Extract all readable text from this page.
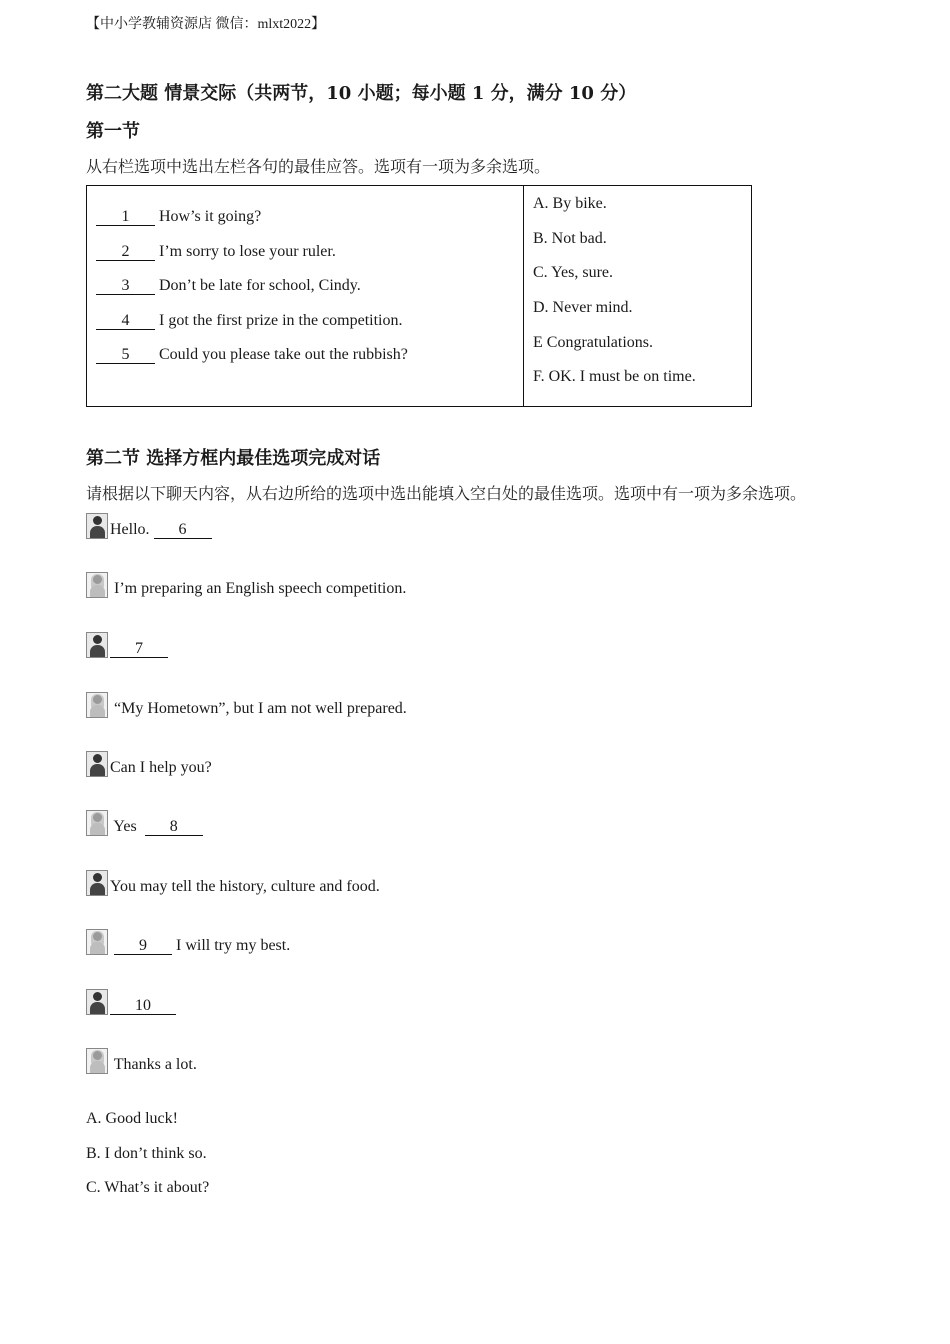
【中小学教辅资源店 微信：mlxt2022】
第二大题 情景交际（共两节，10 小题；每小题 1 分，满分 10 分）
第一节
从右栏选项中选出左栏各句的最佳应答。选项有一项为多余选项。
1 How’s it going?
2 I’m sorry to lose your ruler.
3 Don’t be late for school, Cindy.
4 I got the first prize in the competition.
5 Could you please take out the rubbish?

A. By bike.
B. Not bad.
C. Yes, sure.
D. Never mind.
E Congratulations.
F. OK. I must be on time.
第二节 选择方框内最佳选项完成对话
请根据以下聊天内容，从右边所给的选项中选出能填入空白处的最佳选项。选项中有一项为多余选项。
Hello. 6
I’m preparing an English speech competition.
7
“My Hometown”, but I am not well prepared.
Can I help you?
Yes 8
You may tell the history, culture and food.
9 I will try my best.
10
Thanks a lot.
A. Good luck!
B. I don’t think so.
C. What’s it about?
